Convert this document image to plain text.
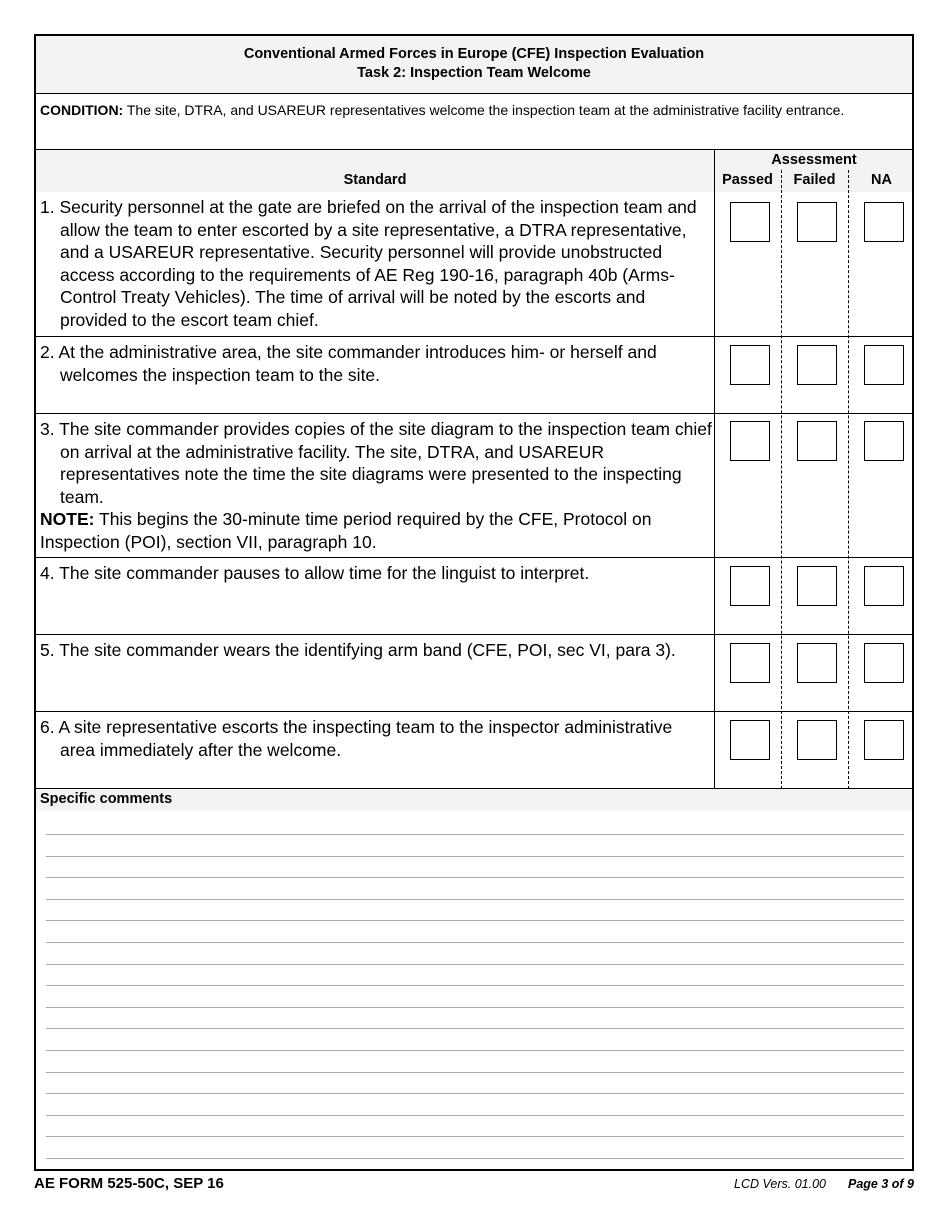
Conventional Armed Forces in Europe (CFE) Inspection Evaluation
Task 2: Inspection Team Welcome
CONDITION: The site, DTRA, and USAREUR representatives welcome the inspection team at the administrative facility entrance.
Standard
Assessment
Passed	Failed	NA
1. Security personnel at the gate are briefed on the arrival of the inspection team and allow the team to enter escorted by a site representative, a DTRA representative, and a USAREUR representative. Security personnel will provide unobstructed access according to the requirements of AE Reg 190-16, paragraph 40b (Arms-Control Treaty Vehicles). The time of arrival will be noted by the escorts and provided to the escort team chief.
2. At the administrative area, the site commander introduces him- or herself and welcomes the inspection team to the site.
3. The site commander provides copies of the site diagram to the inspection team chief on arrival at the administrative facility. The site, DTRA, and USAREUR representatives note the time the site diagrams were presented to the inspecting team.
NOTE: This begins the 30-minute time period required by the CFE, Protocol on Inspection (POI), section VII, paragraph 10.
4. The site commander pauses to allow time for the linguist to interpret.
5. The site commander wears the identifying arm band (CFE, POI, sec VI, para 3).
6. A site representative escorts the inspecting team to the inspector administrative area immediately after the welcome.
Specific comments
AE FORM 525-50C, SEP 16	LCD Vers. 01.00 Page 3 of 9
